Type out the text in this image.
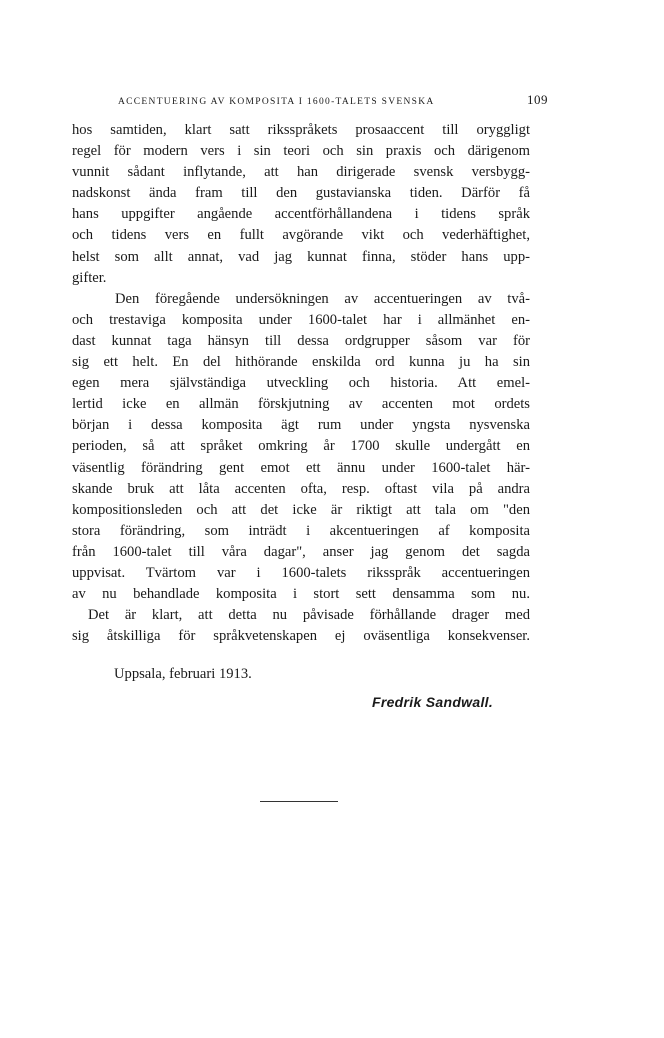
ACCENTUERING AV KOMPOSITA I 1600-TALETS SVENSKA	109
hos samtiden, klart satt riksspråkets prosaaccent till oryggligt
regel för modern vers i sin teori och sin praxis och därigenom
vunnit sådant inflytande, att han dirigerade svensk versbygg-
nadskonst ända fram till den gustavianska tiden. Därför få
hans uppgifter angående accentförhållandena i tidens språk
och tidens vers en fullt avgörande vikt och vederhäftighet,
helst som allt annat, vad jag kunnat finna, stöder hans upp-
gifter.
Den föregående undersökningen av accentueringen av två-
och trestaviga komposita under 1600-talet har i allmänhet en-
dast kunnat taga hänsyn till dessa ordgrupper såsom var för
sig ett helt. En del hithörande enskilda ord kunna ju ha sin
egen mera självständiga utveckling och historia. Att emel-
lertid icke en allmän förskjutning av accenten mot ordets
början i dessa komposita ägt rum under yngsta nysvenska
perioden, så att språket omkring år 1700 skulle undergått en
väsentlig förändring gent emot ett ännu under 1600-talet här-
skande bruk att låta accenten ofta, resp. oftast vila på andra
kompositionsleden och att det icke är riktigt att tala om "den
stora förändring, som inträdt i akcentueringen af komposita
från 1600-talet till våra dagar", anser jag genom det sagda
uppvisat. Tvärtom var i 1600-talets riksspråk accentueringen
av nu behandlade komposita i stort sett densamma som nu.
Det är klart, att detta nu påvisade förhållande drager med
sig åtskilliga för språkvetenskapen ej oväsentliga konsekvenser.
Uppsala, februari 1913.
Fredrik Sandwall.
